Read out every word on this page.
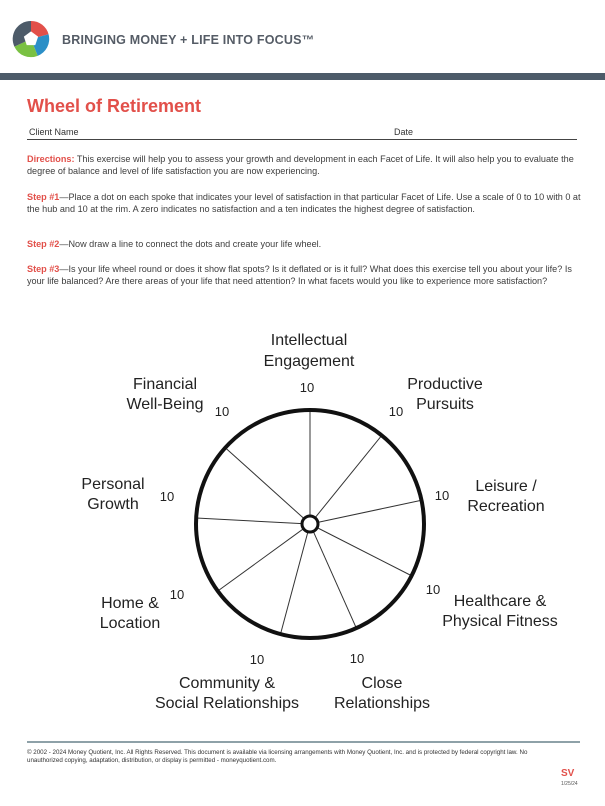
BRINGING MONEY + LIFE INTO FOCUS™
Wheel of Retirement
Client Name	Date

Directions: This exercise will help you to assess your growth and development in each Facet of Life. It will also help you to evaluate the degree of balance and level of life satisfaction you are now experiencing.

Step #1—Place a dot on each spoke that indicates your level of satisfaction in that particular Facet of Life. Use a scale of 0 to 10 with 0 at the hub and 10 at the rim. A zero indicates no satisfaction and a ten indicates the highest degree of satisfaction.

Step #2—Now draw a line to connect the dots and create your life wheel.

Step #3—Is your life wheel round or does it show flat spots? Is it deflated or is it full? What does this exercise tell you about your life? Is your life balanced? Are there areas of your life that need attention? In what facets would you like to experience more satisfaction?

10
10
10
10
10
10
10
10
10
Intellectual
Engagement
Productive
Pursuits
Leisure /
Recreation
Healthcare &
Physical Fitness
Close
Relationships
Community &
Social Relationships
Home &
Location
Personal
Growth
Financial
Well-Being

© 2002 - 2024 Money Quotient, Inc. All Rights Reserved. This document is available via licensing arrangements with Money Quotient, Inc. and is protected by federal copyright law. No unauthorized copying, adaptation, distribution, or display is permitted - moneyquotient.com.

SV
1/25/24
